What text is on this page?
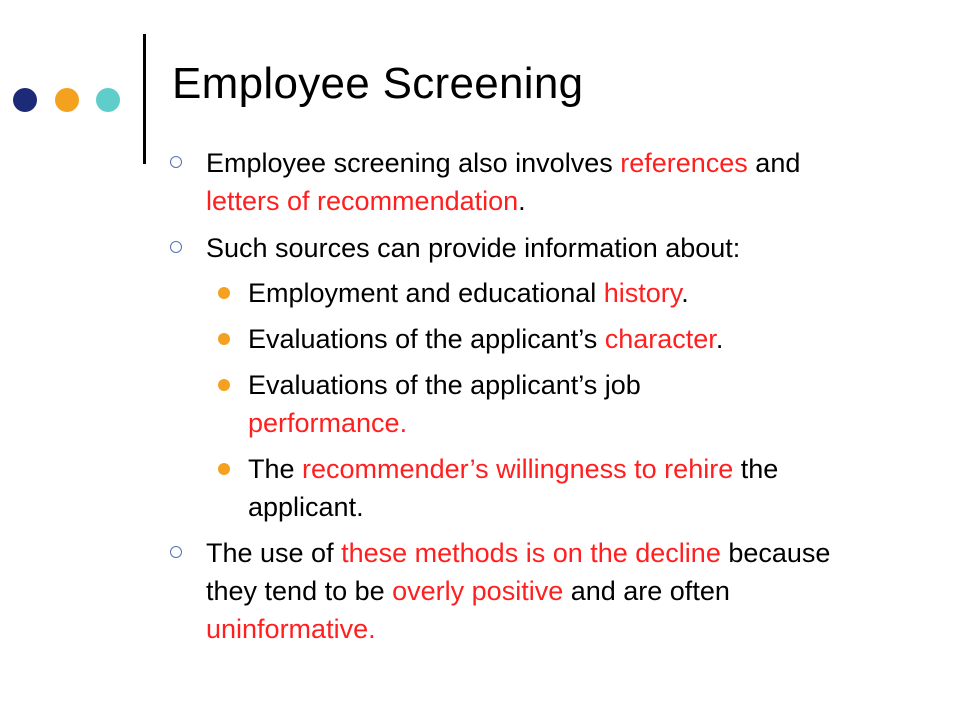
Employee Screening
Employee screening also involves references and letters of recommendation.
Such sources can provide information about:
Employment and educational history.
Evaluations of the applicant’s character.
Evaluations of the applicant’s job performance.
The recommender’s willingness to rehire the applicant.
The use of these methods is on the decline because they tend to be overly positive and are often uninformative.
